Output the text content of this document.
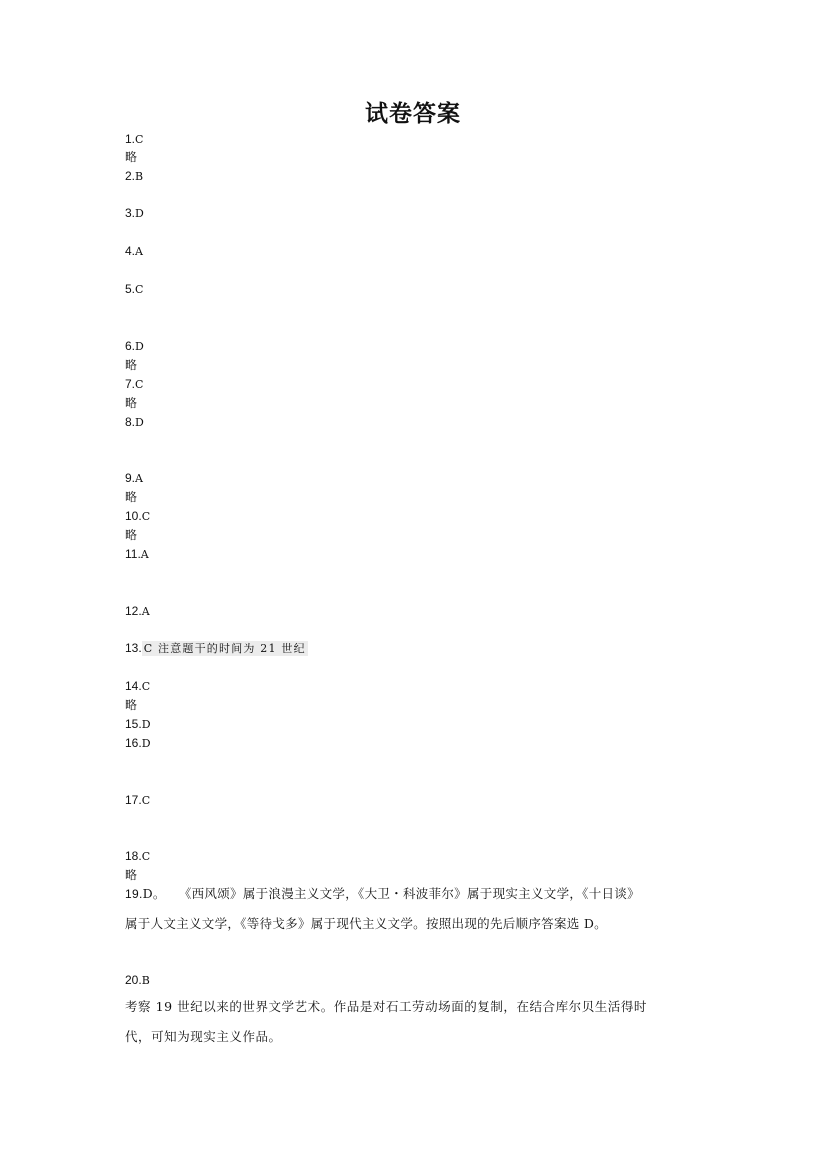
试卷答案
1.C
略
2.B
3.D
4.A
5.C
6.D
略
7.C
略
8.D
9.A
略
10.C
略
11.A
12.A
13. C 注意题干的时间为 21 世纪
14.C
略
15.D
16.D
17.C
18.C
略
19.D。　　《西风颂》属于浪漫主义文学，《大卫・科波菲尔》属于现实主义文学，《十日谈》
属于人文主义文学，《等待戈多》属于现代主义文学。按照出现的先后顺序答案选 D。
20.B
考察 19 世纪以来的世界文学艺术。作品是对石工劳动场面的复制，在结合库尔贝生活得时
代，可知为现实主义作品。
